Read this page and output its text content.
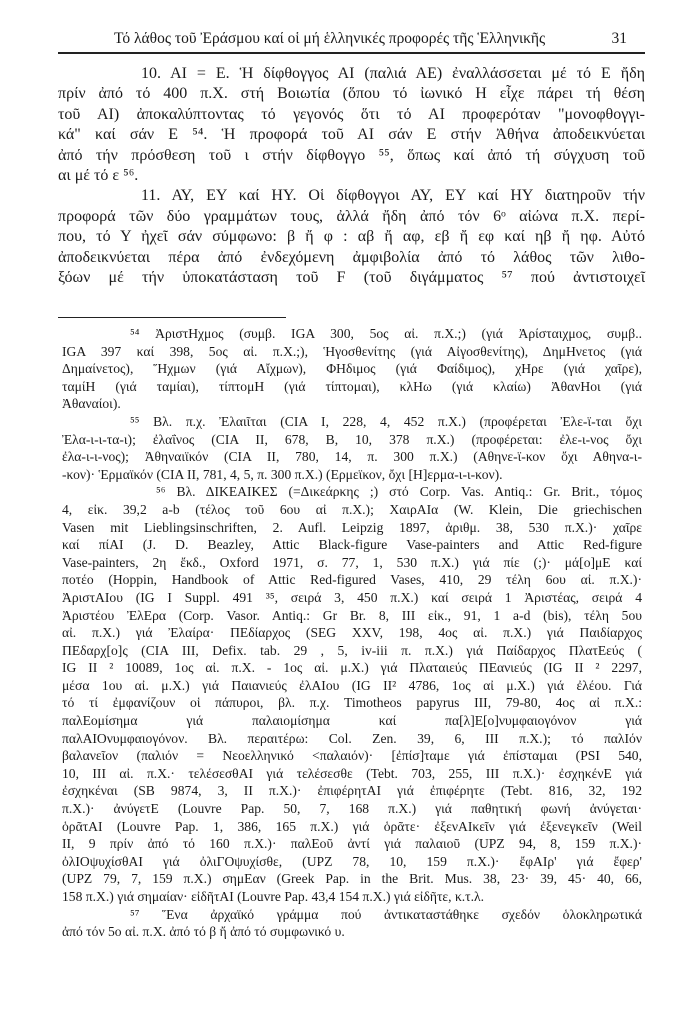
Τό λάθος τοῦ Ἐράσμου καί οἱ μή ἑλληνικές προφορές τῆς Ἑλληνικῆς	31
10. ΑΙ = Ε. Ἡ δίφθογγος ΑΙ (παλιά ΑΕ) ἐναλλάσσεται μέ τό Ε ἤδη
πρίν ἀπό τό 400 π.Χ. στή Βοιωτία (ὅπου τό ἰωνικό Η εἶχε πάρει τή θέση
τοῦ ΑΙ) ἀποκαλύπτοντας τό γεγονός ὅτι τό ΑΙ προφερόταν "μονοφθογγι-
κά" καί σάν Ε ⁵⁴. Ἡ προφορά τοῦ ΑΙ σάν Ε στήν Ἀθήνα ἀποδεικνύεται
ἀπό τήν πρόσθεση τοῦ ι στήν δίφθογγο ⁵⁵, ὅπως καί ἀπό τή σύγχυση τοῦ
αι μέ τό ε ⁵⁶.
11. ΑΥ, ΕΥ καί ΗΥ. Οἱ δίφθογγοι ΑΥ, ΕΥ καί ΗΥ διατηροῦν τήν
προφορά τῶν δύο γραμμάτων τους, ἀλλά ἤδη ἀπό τόν 6ᵒ αἰώνα π.Χ. περί-
που, τό Υ ἠχεῖ σάν σύμφωνο: β ἤ φ : αβ ἤ αφ, εβ ἤ εφ καί ηβ ἤ ηφ. Αὐτό
ἀποδεικνύεται πέρα ἀπό ἐνδεχόμενη ἀμφιβολία ἀπό τό λάθος τῶν λιθο-
ξόων μέ τήν ὑποκατάσταση τοῦ F (τοῦ διγάμματος ⁵⁷ πού ἀντιστοιχεῖ
⁵⁴ ἈριστΗχμος (συμβ. IGA 300, 5ος αἰ. π.Χ.;) (γιά Ἀρίσταιχμος, συμβ..
IGA 397 καί 398, 5ος αἰ. π.Χ.;), Ἡγοσθενίτης (γιά Αἰγοσθενίτης), ΔημΗνετος (γιά
Δημαίνετος), Ἥχμων (γιά Αἴχμων), ΦΗδιμος (γιά Φαίδιμος), χΗρε (γιά χαῖρε),
ταμίΗ (γιά ταμίαι), τίπτομΗ (γιά τίπτομαι), κλΗω (γιά κλαίω) ἈθανΗοι (γιά
Ἀθαναίοι).
⁵⁵ Βλ. π.χ. Ἐλαιῖται (CIA I, 228, 4, 452 π.Χ.) (προφέρεται Ἐλε-ϊ-ται ὄχι
Ἐλα-ι-ι-τα-ι); ἐλαΐνος (CIA II, 678, B, 10, 378 π.Χ.) (προφέρεται: ἐλε-ι-νος ὄχι
ἐλα-ι-ι-νος); Ἀθηναιϊκόν (CIA II, 780, 14, π. 300 π.Χ.) (Αθηνε-ϊ-κον ὄχι Αθηνα-ι-
-κον)· Ἑρμαϊκόν (CIA II, 781, 4, 5, π. 300 π.Χ.) (Ερμεϊκον, ὄχι [Η]ερμα-ι-ι-κον).
⁵⁶ Βλ. ΔΙΚΕΑΙΚΕΣ (=Δικεάρκης ;) στό Corp. Vas. Antiq.: Gr. Brit., τόμος
4, εἰκ. 39,2 a-b (τέλος τοῦ 6ου αἰ π.Χ.); ΧαιρΑΙα (W. Klein, Die griechischen
Vasen mit Lieblingsinschriften, 2. Aufl. Leipzig 1897, ἀριθμ. 38, 530 π.Χ.)· χαῖρε
καί πίΑΙ (J. D. Beazley, Attic Black-figure Vase-painters and Attic Red-figure
Vase-painters, 2η ἔκδ., Oxford 1971, σ. 77, 1, 530 π.Χ.) γιά πίε (;)· μά[ο]μΕ καί
ποτέο (Hoppin, Handbook of Attic Red-figured Vases, 410, 29 τέλη 6ου αἰ. π.Χ.)·
ἈριστΑΙου (IG I Suppl. 491 ³⁵, σειρά 3, 450 π.Χ.) καί σειρά 1 Ἀριστέας, σειρά 4
Ἀριστέου ἘλΕρα (Corp. Vasor. Antiq.: Gr Br. 8, III εἰκ., 91, 1 a-d (bis), τέλη 5ου
αἰ. π.Χ.) γιά Ἐλαίρα· ΠΕδίαρχος (SEG XXV, 198, 4ος αἰ. π.Χ.) γιά Παιδίαρχος
ΠΕδαρχ[ο]ς (CIA III, Defix. tab. 29 , 5, iv-iii π. π.Χ.) γιά Παίδαρχος ΠλατΕεύς (
IG II ² 10089, 1ος αἰ. π.Χ. - 1ος αἰ. μ.Χ.) γιά Πλαταιεύς ΠΕανιεύς (IG II ² 2297,
μέσα 1ου αἰ. μ.Χ.) γιά Παιανιεύς ἐλΑΙου (IG II² 4786, 1ος αἰ μ.Χ.) γιά ἐλέου. Γιά
τό τί ἐμφανίζουν οἱ πάπυροι, βλ. π.χ. Timotheos papyrus III, 79-80, 4ος αἰ π.Χ.:
παλΕομίσημα γιά παλαιομίσημα καί πα[λ]Ε[ο]νυμφαιογόνον γιά
παλΑΙΟνυμφαιογόνον. Βλ. περαιτέρω: Col. Zen. 39, 6, III π.Χ.); τό παλΙόν
βαλανεῖον (παλιόν = Νεοελληνικό <παλαιόν)· [ἐπίσ]ταμε γιά ἐπίσταμαι (PSI 540,
10, III αἰ. π.Χ.· τελέσεσθΑΙ γιά τελέσεσθε (Tebt. 703, 255, III π.Χ.)· ἐσχηκένΕ γιά
ἐσχηκέναι (SB 9874, 3, II π.Χ.)· ἐπιφέρητΑΙ γιά ἐπιφέρητε (Tebt. 816, 32, 192
π.Χ.)· ἀνύγετΕ (Louvre Pap. 50, 7, 168 π.Χ.) γιά παθητική φωνή ἀνύγεται·
ὁρᾶτΑΙ (Louvre Pap. 1, 386, 165 π.Χ.) γιά ὁρᾶτε· ἐξενΑΙκεῖν γιά ἐξενεγκεῖν (Weil
II, 9 πρίν ἀπό τό 160 π.Χ.)· παλΕοῦ ἀντί γιά παλαιοῦ (UPZ 94, 8, 159 π.Χ.)·
ὀλΙΟψυχίσθΑΙ γιά ὀλιΓΟψυχίσθε, (UPZ 78, 10, 159 π.Χ.)· ἔφΑΙρ' γιά ἔφερ'
(UPZ 79, 7, 159 π.Χ.) σημΕαν (Greek Pap. in the Brit. Mus. 38, 23· 39, 45· 40, 66,
158 π.Χ.) γιά σημαίαν· εἰδῆτΑΙ (Louvre Pap. 43,4 154 π.Χ.) γιά εἰδῆτε, κ.τ.λ.
⁵⁷ Ἕνα ἀρχαϊκό γράμμα πού ἀντικαταστάθηκε σχεδόν ὁλοκληρωτικά
ἀπό τόν 5ο αἰ. π.Χ. ἀπό τό β ἤ ἀπό τό συμφωνικό υ.
